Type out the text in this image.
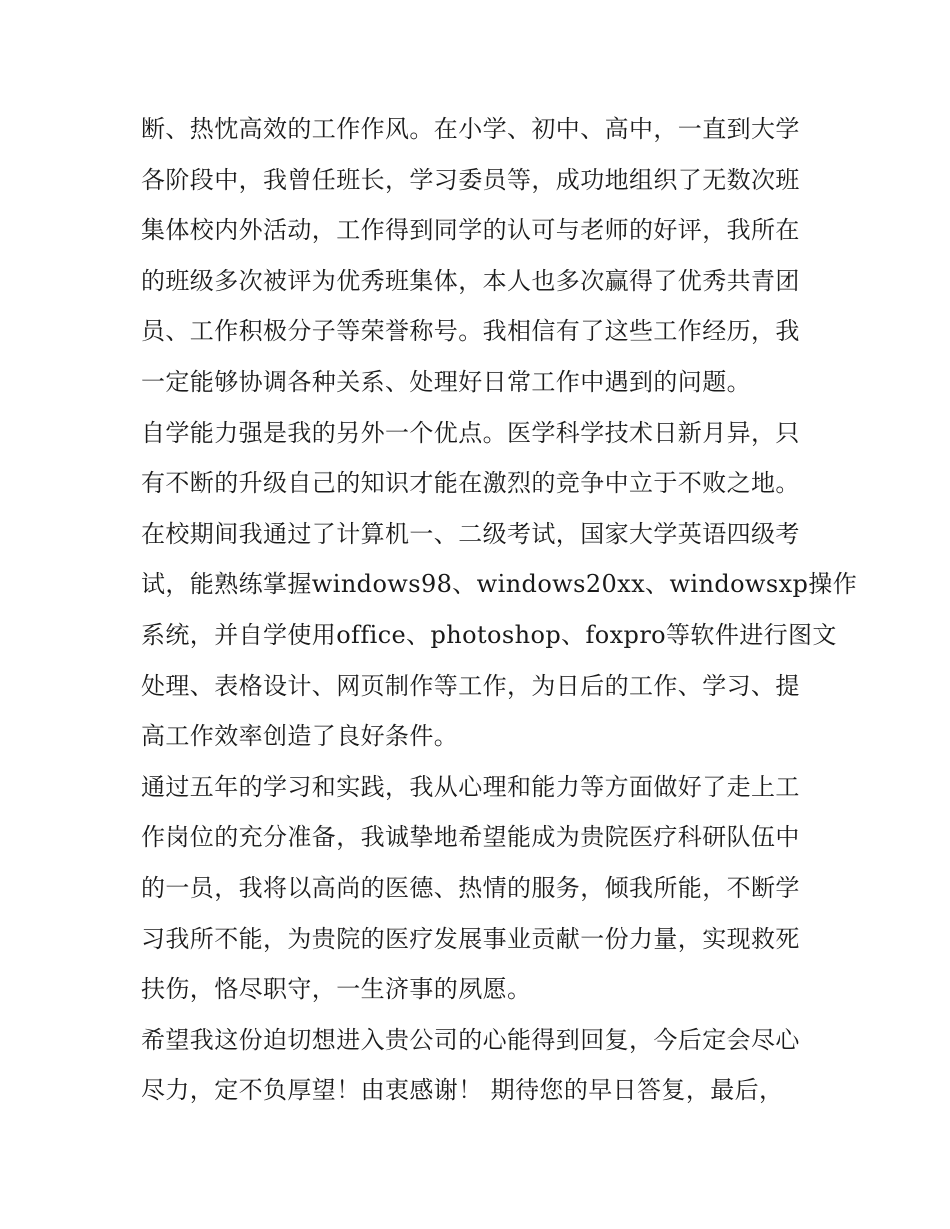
断、热忱高效的工作作风。在小学、初中、高中，一直到大学
各阶段中，我曾任班长，学习委员等，成功地组织了无数次班
集体校内外活动，工作得到同学的认可与老师的好评，我所在
的班级多次被评为优秀班集体，本人也多次赢得了优秀共青团
员、工作积极分子等荣誉称号。我相信有了这些工作经历，我
一定能够协调各种关系、处理好日常工作中遇到的问题。
自学能力强是我的另外一个优点。医学科学技术日新月异，只
有不断的升级自己的知识才能在激烈的竞争中立于不败之地。
在校期间我通过了计算机一、二级考试，国家大学英语四级考
试，能熟练掌握windows98、windows20xx、windowsxp操作
系统，并自学使用office、photoshop、foxpro等软件进行图文
处理、表格设计、网页制作等工作，为日后的工作、学习、提
高工作效率创造了良好条件。
通过五年的学习和实践，我从心理和能力等方面做好了走上工
作岗位的充分准备，我诚挚地希望能成为贵院医疗科研队伍中
的一员，我将以高尚的医德、热情的服务，倾我所能，不断学
习我所不能，为贵院的医疗发展事业贡献一份力量，实现救死
扶伤，恪尽职守，一生济事的夙愿。
希望我这份迫切想进入贵公司的心能得到回复，今后定会尽心
尽力，定不负厚望！由衷感谢！ 期待您的早日答复，最后，
